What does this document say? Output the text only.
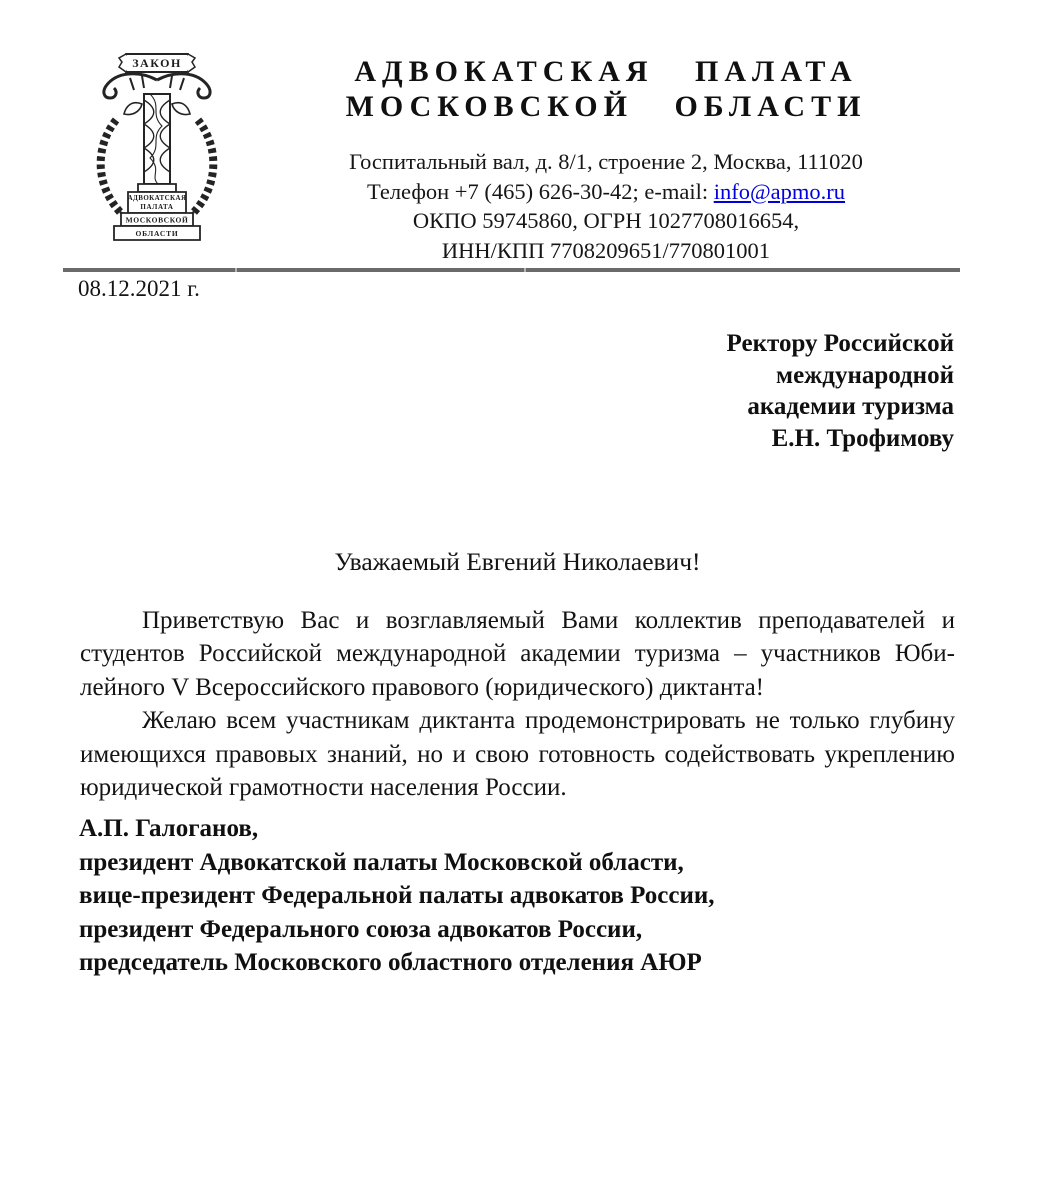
ЗАКОН
АДВОКАТСКАЯ
ПАЛАТА
МОСКОВСКОЙ
ОБЛАСТИ
АДВОКАТСКАЯ ПАЛАТА
МОСКОВСКОЙ ОБЛАСТИ
Госпитальный вал, д. 8/1, строение 2, Москва, 111020
Телефон +7 (465) 626-30-42; e-mail: info@apmo.ru
ОКПО 59745860, ОГРН 1027708016654,
ИНН/КПП 7708209651/770801001
08.12.2021 г.
Ректору Российской
международной
академии туризма
Е.Н. Трофимову
Уважаемый Евгений Николаевич!

Приветствую Вас и возглавляемый Вами коллектив преподавателей и студентов Российской международной академии туризма – участников Юбилейного V Всероссийского правового (юридического) диктанта!

Желаю всем участникам диктанта продемонстрировать не только глубину имеющихся правовых знаний, но и свою готовность содействовать укреплению юридической грамотности населения России.

А.П. Галоганов,
президент Адвокатской палаты Московской области,
вице-президент Федеральной палаты адвокатов России,
президент Федерального союза адвокатов России,
председатель Московского областного отделения АЮР
